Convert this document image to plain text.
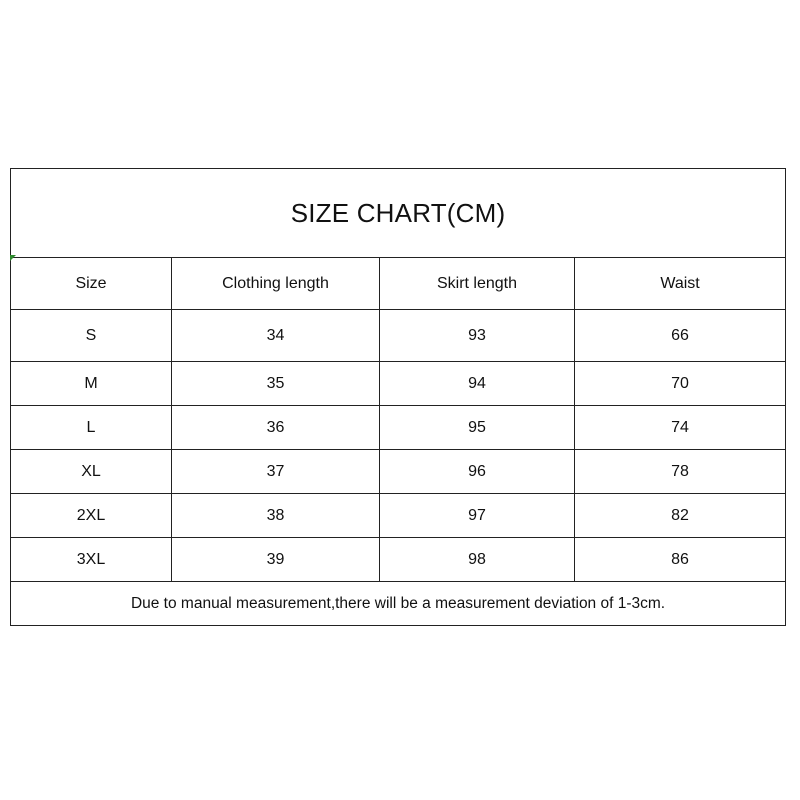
SIZE CHART(CM)			

Size	Clothing length	Skirt length	Waist
S	34	93	66
M	35	94	70
L	36	95	74
XL	37	96	78
2XL	38	97	82
3XL	39	98	86
Due to manual measurement,there will be a measurement deviation of 1-3cm.			
